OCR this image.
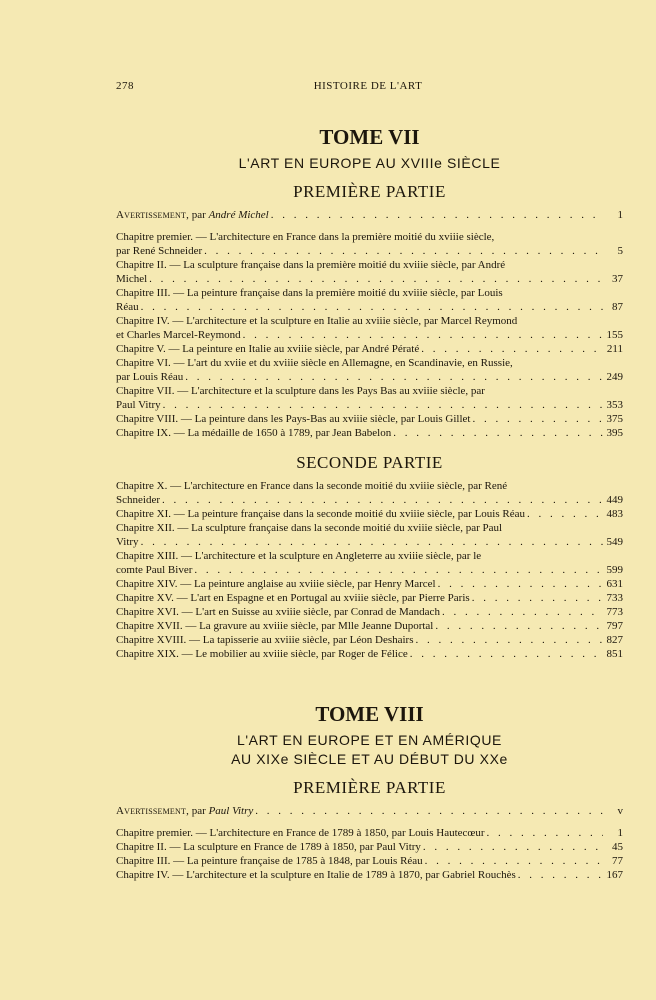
278	HISTOIRE DE L'ART
TOME VII
L'ART EN EUROPE AU XVIIIe SIÈCLE
PREMIÈRE PARTIE
Avertissement, par André Michel . . .	1
Chapitre premier. — L'architecture en France dans la première moitié du xviiie siècle,
par René Schneider . . .	5
Chapitre II. — La sculpture française dans la première moitié du xviiie siècle, par André
Michel . . .	37
Chapitre III. — La peinture française dans la première moitié du xviiie siècle, par Louis
Réau . . .	87
Chapitre IV. — L'architecture et la sculpture en Italie au xviiie siècle, par Marcel Reymond
et Charles Marcel-Reymond . . .	155
Chapitre V. — La peinture en Italie au xviiie siècle, par André Pératé . . .	211
Chapitre VI. — L'art du xviie et du xviiie siècle en Allemagne, en Scandinavie, en Russie,
par Louis Réau . . .	249
Chapitre VII. — L'architecture et la sculpture dans les Pays Bas au xviiie siècle, par
Paul Vitry . . .	353
Chapitre VIII. — La peinture dans les Pays-Bas au xviiie siècle, par Louis Gillet . . .	375
Chapitre IX. — La médaille de 1650 à 1789, par Jean Babelon . . .	395
SECONDE PARTIE
Chapitre X. — L'architecture en France dans la seconde moitié du xviiie siècle, par René
Schneider . . .	449
Chapitre XI. — La peinture française dans la seconde moitié du xviiie siècle, par Louis Réau . . .	483
Chapitre XII. — La sculpture française dans la seconde moitié du xviiie siècle, par Paul
Vitry . . .	549
Chapitre XIII. — L'architecture et la sculpture en Angleterre au xviiie siècle, par le
comte Paul Biver . . .	599
Chapitre XIV. — La peinture anglaise au xviiie siècle, par Henry Marcel . . .	631
Chapitre XV. — L'art en Espagne et en Portugal au xviiie siècle, par Pierre Paris . . .	733
Chapitre XVI. — L'art en Suisse au xviiie siècle, par Conrad de Mandach . . .	773
Chapitre XVII. — La gravure au xviiie siècle, par Mlle Jeanne Duportal . . .	797
Chapitre XVIII. — La tapisserie au xviiie siècle, par Léon Deshairs . . .	827
Chapitre XIX. — Le mobilier au xviiie siècle, par Roger de Félice . . .	851
TOME VIII
L'ART EN EUROPE ET EN AMÉRIQUE
AU XIXe SIÈCLE ET AU DÉBUT DU XXe
PREMIÈRE PARTIE
Avertissement, par Paul Vitry . . .	v
Chapitre premier. — L'architecture en France de 1789 à 1850, par Louis Hautecœur . . .	1
Chapitre II. — La sculpture en France de 1789 à 1850, par Paul Vitry . . .	45
Chapitre III. — La peinture française de 1785 à 1848, par Louis Réau . . .	77
Chapitre IV. — L'architecture et la sculpture en Italie de 1789 à 1870, par Gabriel Rouchès . . .	167
